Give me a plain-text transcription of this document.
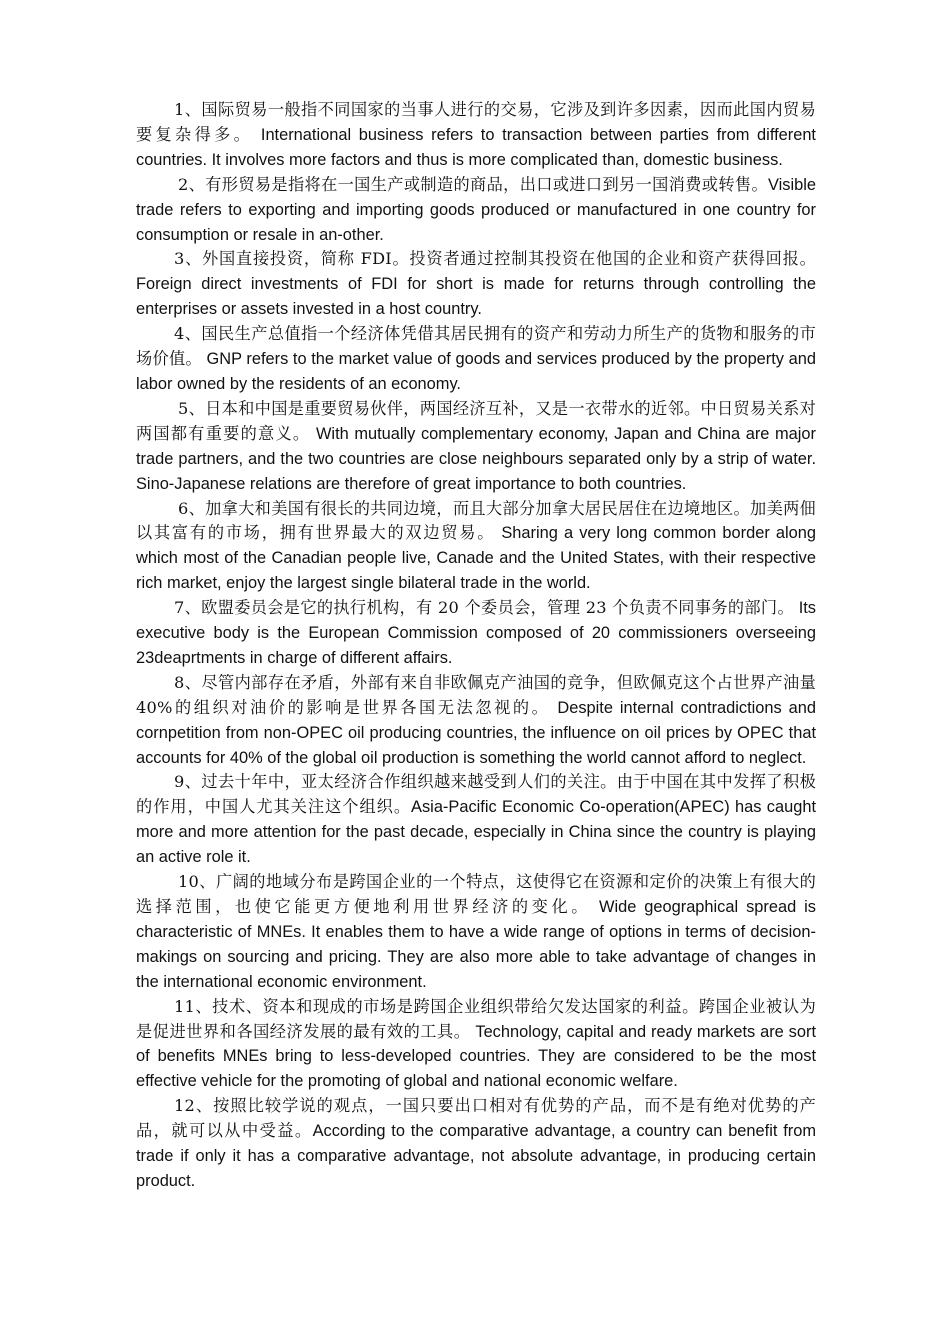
1、国际贸易一般指不同国家的当事人进行的交易，它涉及到许多因素，因而此国内贸易要复杂得多。 International business refers to transaction between parties from different countries. It involves more factors and thus is more complicated than, domestic business.

2、有形贸易是指将在一国生产或制造的商品，出口或进口到另一国消费或转售。Visible trade refers to exporting and importing goods produced or manufactured in one country for consumption or resale in an-other.

3、外国直接投资，简称 FDI。投资者通过控制其投资在他国的企业和资产获得回报。 Foreign direct investments of FDI for short is made for returns through controlling the enterprises or assets invested in a host country.

4、国民生产总值指一个经济体凭借其居民拥有的资产和劳动力所生产的货物和服务的市场价值。 GNP refers to the market value of goods and services produced by the property and labor owned by the residents of an economy.

5、日本和中国是重要贸易伙伴，两国经济互补，又是一衣带水的近邻。中日贸易关系对两国都有重要的意义。 With mutually complementary economy, Japan and China are major trade partners, and the two countries are close neighbours separated only by a strip of water. Sino-Japanese relations are therefore of great importance to both countries.

6、加拿大和美国有很长的共同边境，而且大部分加拿大居民居住在边境地区。加美两佃以其富有的市场，拥有世界最大的双边贸易。 Sharing a very long common border along which most of the Canadian people live, Canade and the United States, with their respective rich market, enjoy the largest single bilateral trade in the world.

7、欧盟委员会是它的执行机构，有 20 个委员会，管理 23 个负责不同事务的部门。 Its executive body is the European Commission composed of 20 commissioners overseeing 23deaprtments in charge of different affairs.

8、尽管内部存在矛盾，外部有来自非欧佩克产油国的竞争，但欧佩克这个占世界产油量 40%的组织对油价的影响是世界各国无法忽视的。 Despite internal contradictions and cornpetition from non-OPEC oil producing countries, the influence on oil prices by OPEC that accounts for 40% of the global oil production is something the world cannot afford to neglect.

9、过去十年中，亚太经济合作组织越来越受到人们的关注。由于中国在其中发挥了积极的作用，中国人尤其关注这个组织。Asia-Pacific Economic Co-operation(APEC) has caught more and more attention for the past decade, especially in China since the country is playing an active role it.

10、广阔的地域分布是跨国企业的一个特点，这使得它在资源和定价的决策上有很大的选择范围，也使它能更方便地利用世界经济的变化。 Wide geographical spread is characteristic of MNEs. It enables them to have a wide range of options in terms of decision-makings on sourcing and pricing. They are also more able to take advantage of changes in the international economic environment.

11、技术、资本和现成的市场是跨国企业组织带给欠发达国家的利益。跨国企业被认为是促进世界和各国经济发展的最有效的工具。 Technology, capital and ready markets are sort of benefits MNEs bring to less-developed countries. They are considered to be the most effective vehicle for the promoting of global and national economic welfare.

12、按照比较学说的观点，一国只要出口相对有优势的产品，而不是有绝对优势的产品，就可以从中受益。According to the comparative advantage, a country can benefit from trade if only it has a comparative advantage, not absolute advantage, in producing certain product.
